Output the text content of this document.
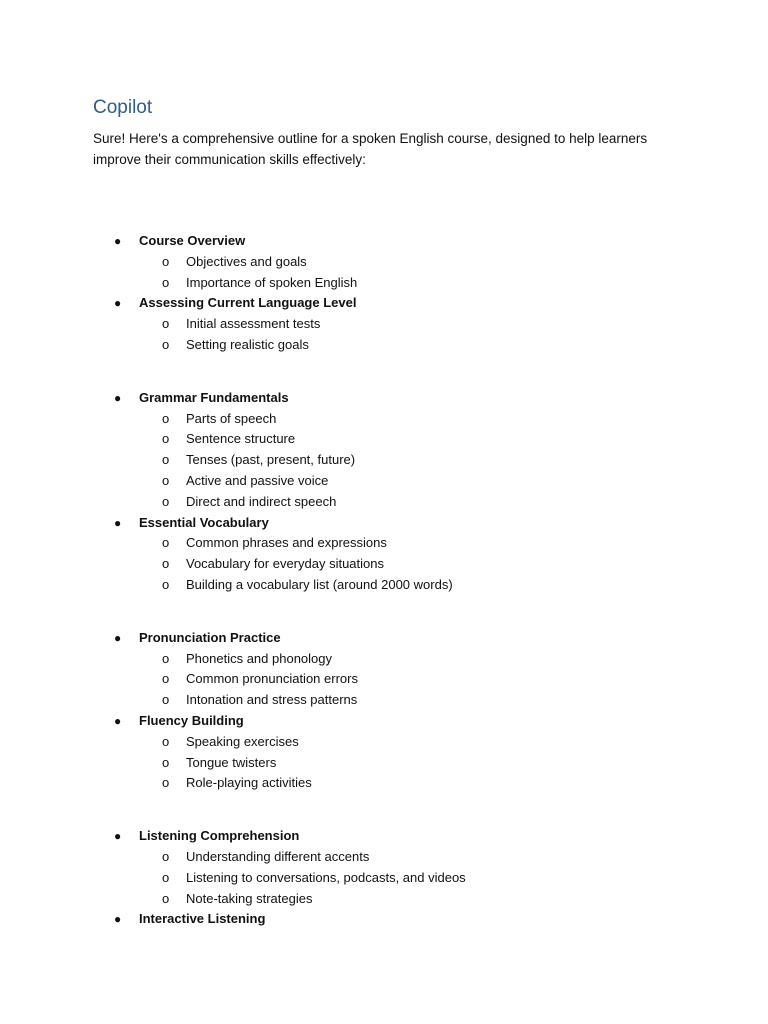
Copilot

Sure! Here's a comprehensive outline for a spoken English course, designed to help learners improve their communication skills effectively:

● Course Overview
o Objectives and goals
o Importance of spoken English
● Assessing Current Language Level
o Initial assessment tests
o Setting realistic goals
● Grammar Fundamentals
o Parts of speech
o Sentence structure
o Tenses (past, present, future)
o Active and passive voice
o Direct and indirect speech
● Essential Vocabulary
o Common phrases and expressions
o Vocabulary for everyday situations
o Building a vocabulary list (around 2000 words)
● Pronunciation Practice
o Phonetics and phonology
o Common pronunciation errors
o Intonation and stress patterns
● Fluency Building
o Speaking exercises
o Tongue twisters
o Role-playing activities
● Listening Comprehension
o Understanding different accents
o Listening to conversations, podcasts, and videos
o Note-taking strategies
● Interactive Listening
